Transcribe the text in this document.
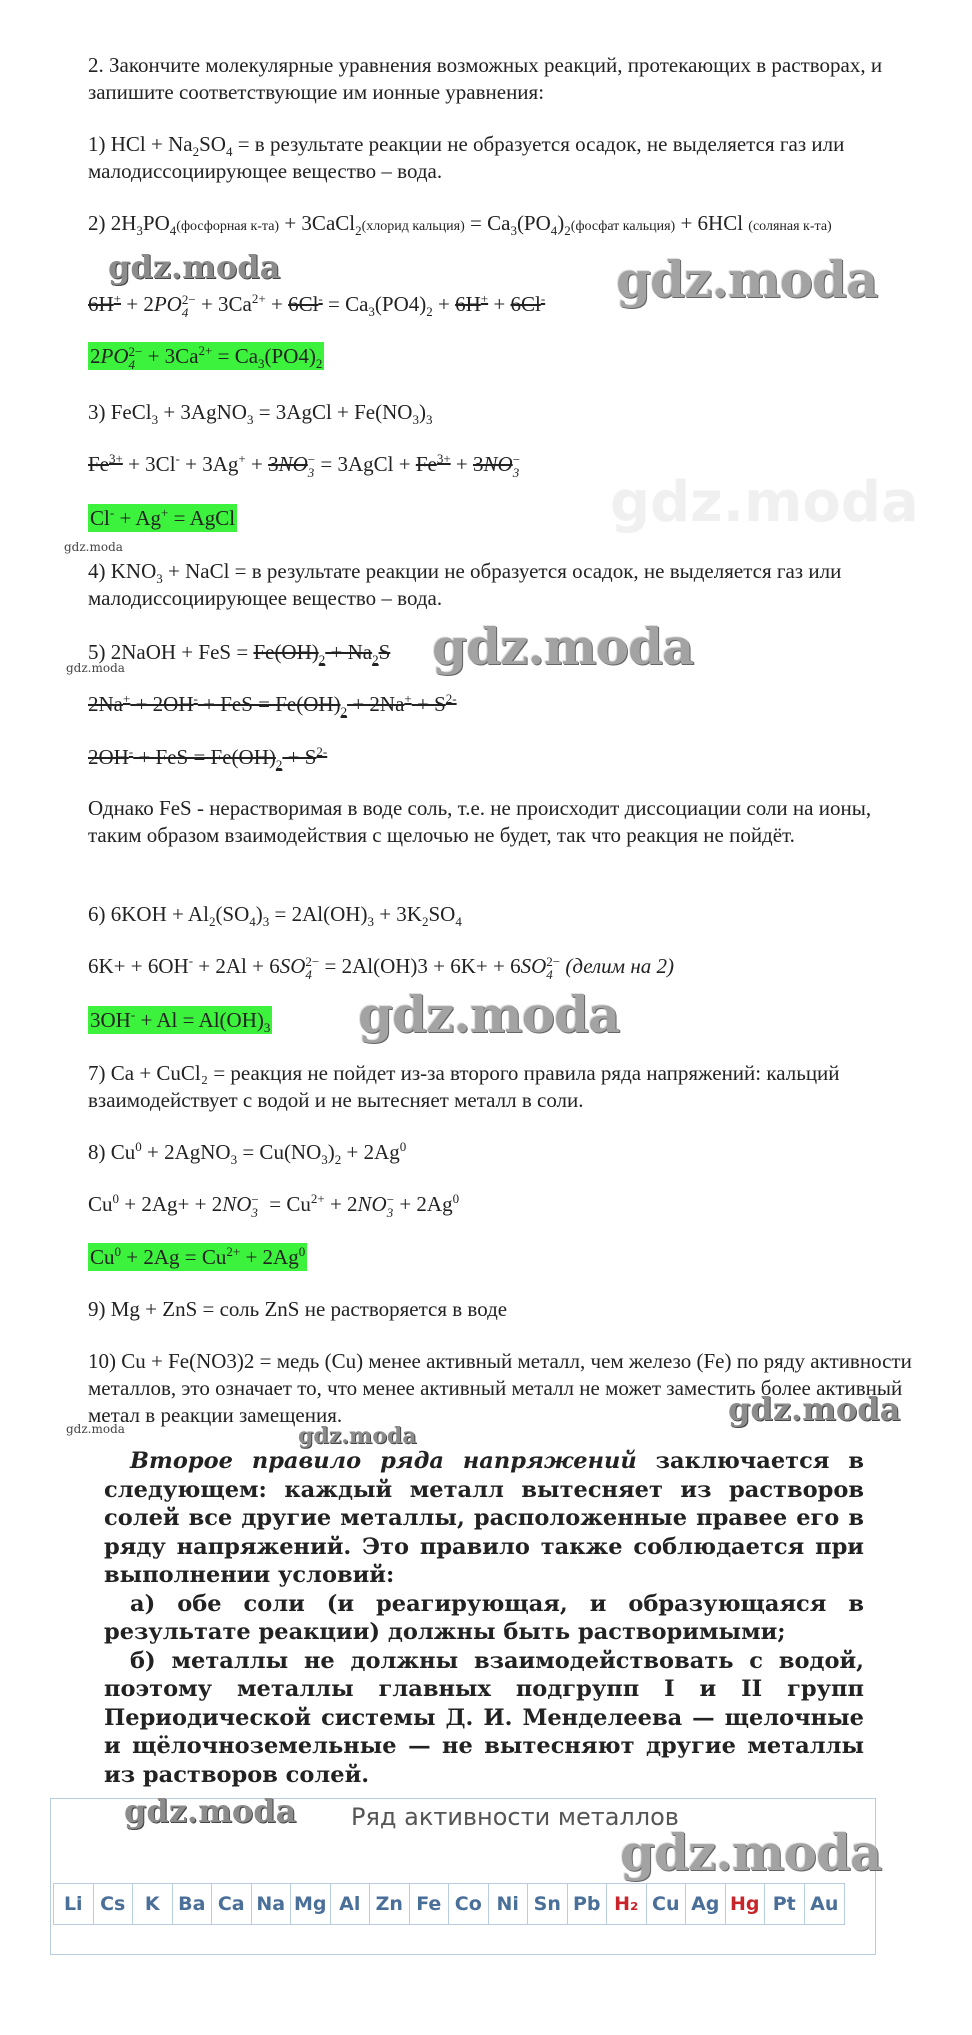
2. Закончите молекулярные уравнения возможных реакций, протекающих в растворах, и запишите соответствующие им ионные уравнения:

1) HCl + $Na_2SO_4 = в$ результате реакции не образуется осадок, не выделяется газ или малодиссоциирующее вещество – вода.
2) $2H_3PO_4(фосфорная$ к-та) + 3CaCl$_2$(хлорид кальция) = $Ca_3(PO_4)_2(фосфат$ кальция) + 6HCl (соляная к-та)
6H+ + 2PO 2−
$4 + 3Ca^{2+} + 6Cl^- = Ca_3(PO4)_2 + 6H^+ + 6Cl^-$
2PO 2−
$4 + 3Ca^{2+} = Ca_3(PO4)_2$
3) FeCl$_3$ + 3AgNO$_3$ = 3AgCl + $Fe(NO_3)_3$
$Fe^{3+} + 3Cl^- + 3Ag^+ + 3NO$ −
3 = 3AgCl + $Fe^{3+} + 3NO$ −
3
Cl- + Ag+ = AgCl
4) $KNO_3$ + NaCl = в результате реакции не образуется осадок, не выделяется газ или малодиссоциирующее вещество – вода.
5) 2NaOH + FeS = $Fe(OH)_2 + Na_2S$
2Na+ + 2OH- + FeS = $Fe(OH)_2 + 2Na^+ + S^{2-}$
2OH- + FeS = $Fe(OH)_2 + S^{2-}$

Однако FeS - нерастворимая в воде соль, т.е. не происходит диссоциации соли на ионы, таким образом взаимодействия с щелочью не будет, так что реакция не пойдёт.

6) $6KOH + Al_2(SO_4)_3 = 2Al(OH)_3 + 3K_2SO_4$
6K+ + 6OH- + 2Al + 6SO 2−
4 = 2Al(OH)3 + 6K+ + 6SO 2−
4 (делим на 2)
$3OH^- + Al = Al(OH)_3$

7) Ca + CuCl₂ = реакция не пойдет из-за второго правила ряда напряжений: кальций взаимодействует с водой и не вытесняет металл в соли.

8) $Cu^0$ + 2AgNO$_3$ = $Cu(NO_3)_2 + 2Ag^0$
$Cu^0 + 2Ag+ + 2NO$ −
$3 = Cu^{2+} + 2NO$ −
$3 + 2Ag^0$
$Cu^0 + 2Ag = Cu^{2+} + 2Ag^0$

9) Mg + ZnS = соль ZnS не растворяется в воде

10) Cu + Fe(NO3)2 = медь (Cu) менее активный металл, чем железо (Fe) по ряду активности металлов, это означает то, что менее активный металл не может заместить более активный метал в реакции замещения.

Второе правило ряда напряжений заключается в следующем: каждый металл вытесняет из растворов солей все другие металлы, расположенные правее его в ряду напряжений. Это правило также соблюдается при выполнении условий:

а) обе соли (и реагирующая, и образующаяся в результате реакции) должны быть растворимыми;

б) металлы не должны взаимодействовать с водой, поэтому металлы главных подгрупп I и II групп Периодической системы Д. И. Менделеева — щелочные и щёлочноземельные — не вытесняют другие металлы из растворов солей.

Ряд активности металлов
Li Cs	K Ba Ca Na Mg Al Zn Fe Co Ni Sn Pb H₂ Cu Ag Hg Pt Au
gdz.moda	gdz.moda
gdz.moda
gdz.moda
gdz.moda
gdz.moda
gdz.moda
gdz.moda
gdz.moda	gdz.moda
gdz.moda
gdz.moda
